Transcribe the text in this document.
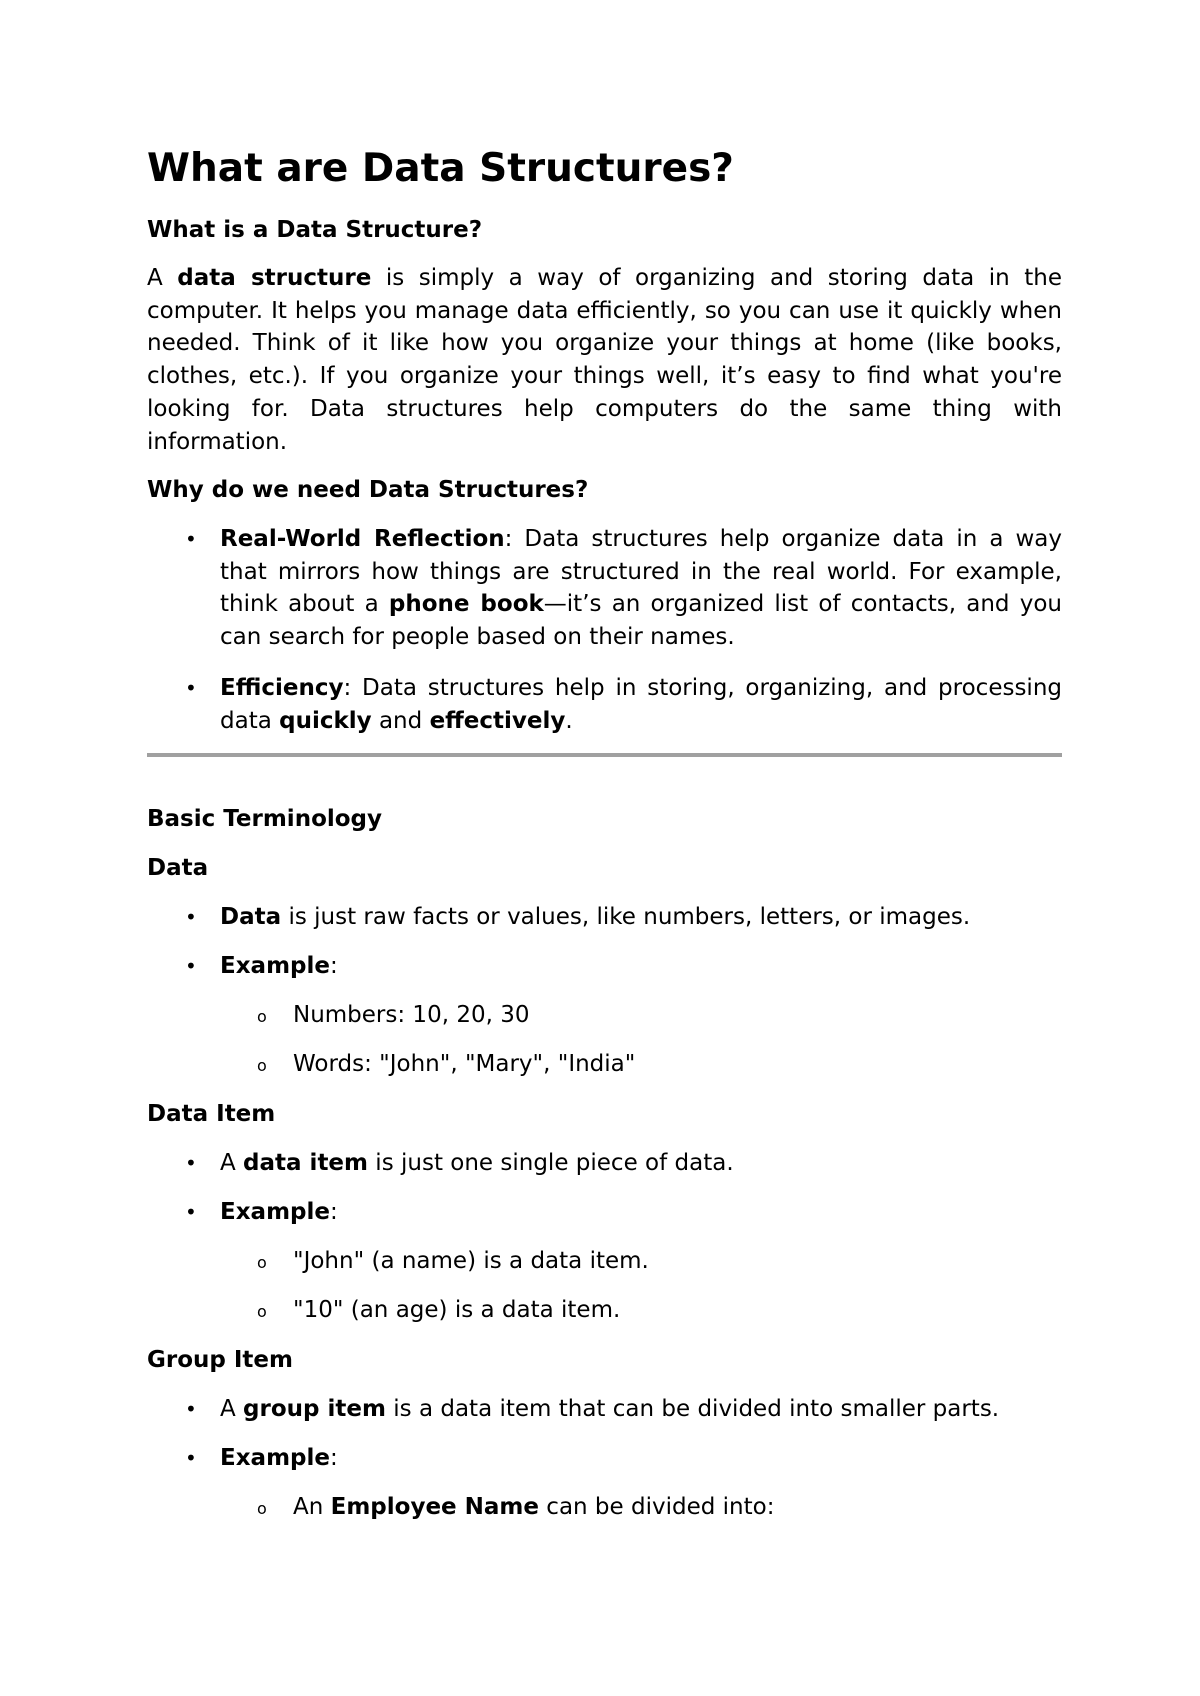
What are Data Structures?
What is a Data Structure?

A data structure is simply a way of organizing and storing data in the computer. It helps you manage data efficiently, so you can use it quickly when needed. Think of it like how you organize your things at home (like books, clothes, etc.). If you organize your things well, it’s easy to find what you're looking for. Data structures help computers do the same thing with information.

Why do we need Data Structures?

• Real-World Reflection: Data structures help organize data in a way that mirrors how things are structured in the real world. For example, think about a phone book—it’s an organized list of contacts, and you can search for people based on their names.

• Efficiency: Data structures help in storing, organizing, and processing data quickly and effectively.

Basic Terminology
Data

• Data is just raw facts or values, like numbers, letters, or images.

• Example:

o Numbers: 10, 20, 30

o Words: "John", "Mary", "India"

Data Item

• A data item is just one single piece of data.

• Example:

o "John" (a name) is a data item.

o "10" (an age) is a data item.

Group Item

• A group item is a data item that can be divided into smaller parts.

• Example:

o An Employee Name can be divided into:
